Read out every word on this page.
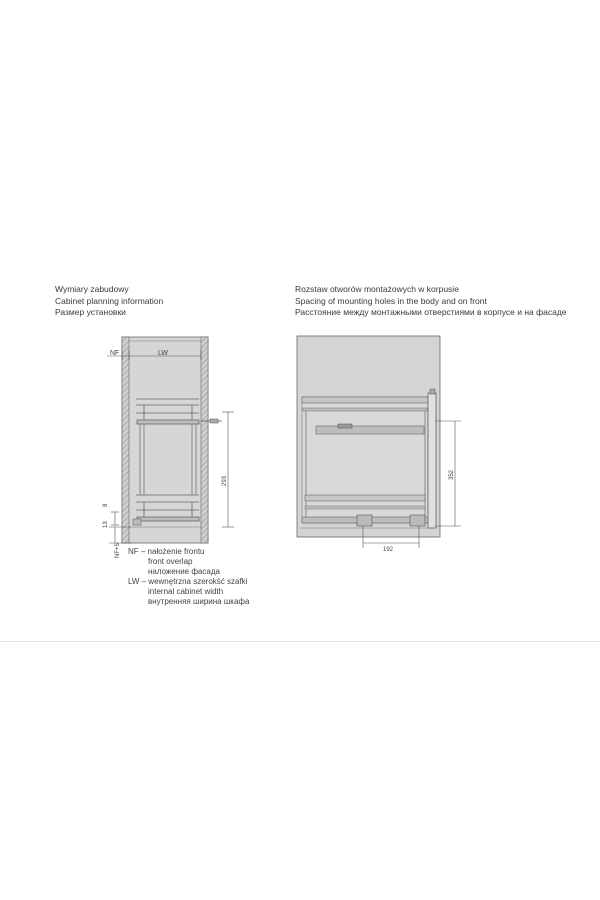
Wymiary zabudowy
Cabinet planning information
Размер установки
Rozstaw otworów montażowych w korpusie
Spacing of mounting holes in the body and on front
Расстояние между монтажными отверстиями в корпусе и на фасаде
NF	LW
293
8
13
NF+5
352
192
NF – nałożenie frontu
front overlap
наложение фасада
LW – wewnętrzna szerokść szafki
internal cabinet width
внутренняя ширина шкафа
